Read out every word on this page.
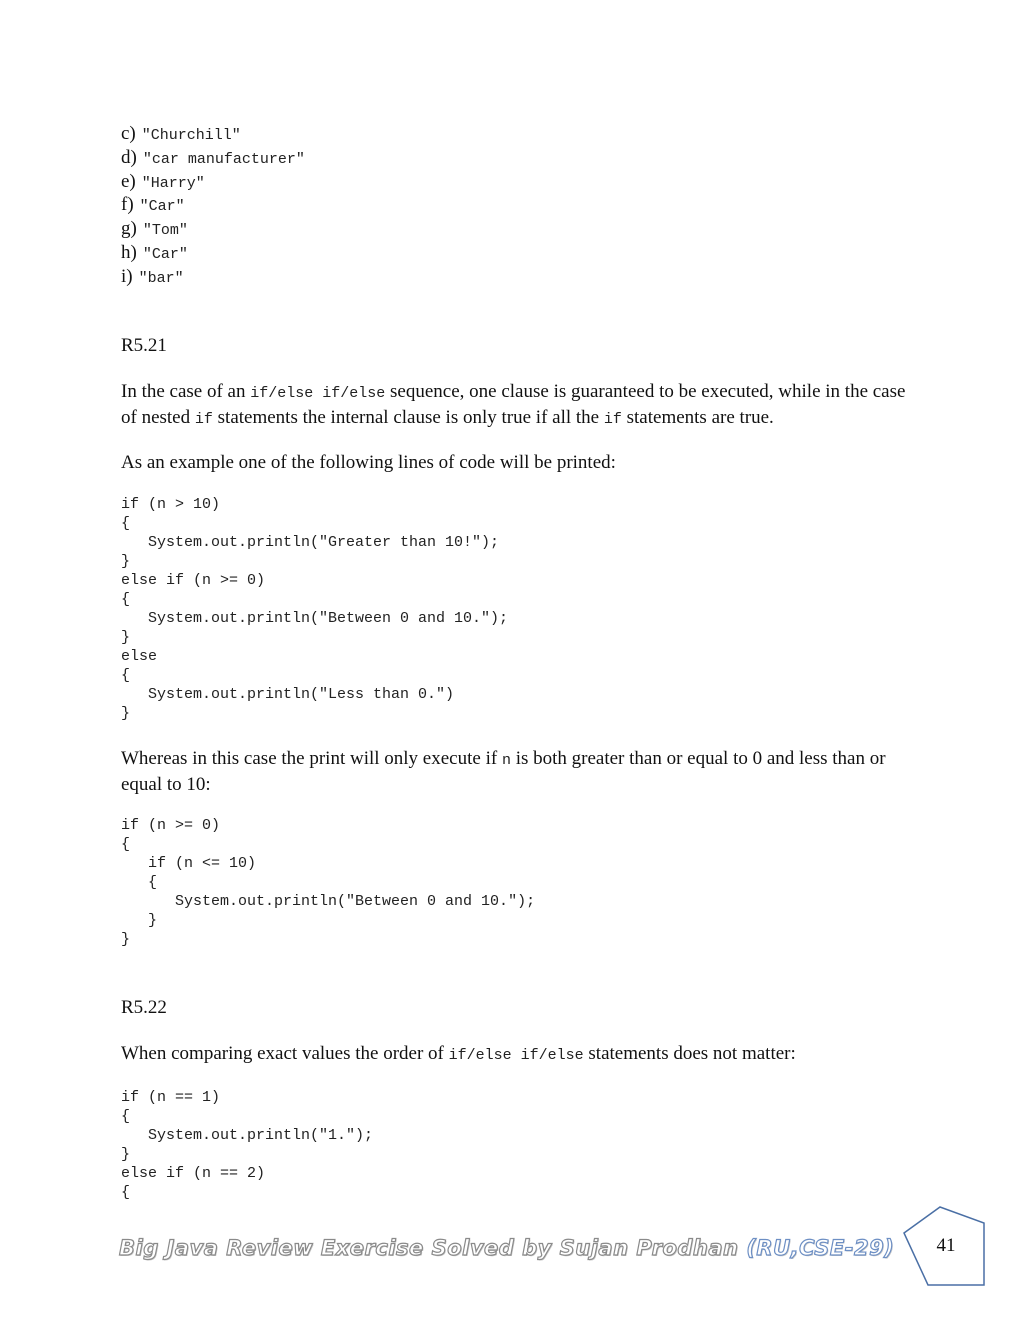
c) "Churchill"
d) "car manufacturer"
e) "Harry"
f) "Car"
g) "Tom"
h) "Car"
i) "bar"
R5.21

In the case of an if/else if/else sequence, one clause is guaranteed to be executed, while in the case of nested if statements the internal clause is only true if all the if statements are true.

As an example one of the following lines of code will be printed:

if (n > 10)
{
System.out.println("Greater than 10!");
}
else if (n >= 0)
{
System.out.println("Between 0 and 10.");
}
else
{
System.out.println("Less than 0.")
}

Whereas in this case the print will only execute if n is both greater than or equal to 0 and less than or equal to 10:

if (n >= 0)
{
if (n <= 10)
{
System.out.println("Between 0 and 10.");
}
}
R5.22

When comparing exact values the order of if/else if/else statements does not matter:

if (n == 1)
{
System.out.println("1.");
}
else if (n == 2)
{
Big Java Review Exercise Solved by Sujan Prodhan (RU,CSE-29)	41
